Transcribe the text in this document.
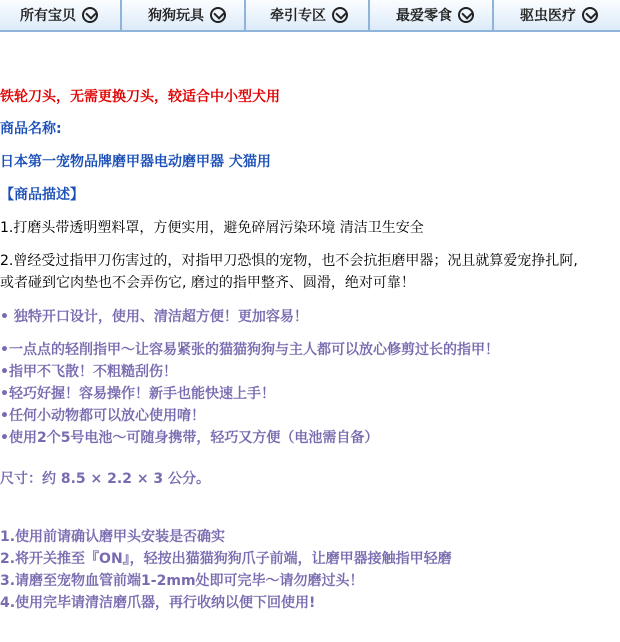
所有宝贝	狗狗玩具	牵引专区	最爱零食	驱虫医疗
铁轮刀头，无需更换刀头，较适合中小型犬用
商品名称:
日本第一宠物品牌磨甲器电动磨甲器 犬猫用
【商品描述】
1.打磨头带透明塑料罩，方便实用，避免碎屑污染环境 清洁卫生安全
2.曾经受过指甲刀伤害过的，对指甲刀恐惧的宠物，也不会抗拒磨甲器；况且就算爱宠挣扎阿,
或者碰到它肉垫也不会弄伤它, 磨过的指甲整齐、圆滑，绝对可靠！
• 独特开口设计，使用、清洁超方便！更加容易！
•一点点的轻削指甲～让容易紧张的猫猫狗狗与主人都可以放心修剪过长的指甲！
•指甲不飞散！不粗糙刮伤！
•轻巧好握！容易操作！新手也能快速上手！
•任何小动物都可以放心使用唷！
•使用2个5号电池～可随身携带，轻巧又方便（电池需自备）
尺寸：约 8.5 × 2.2 × 3 公分。
1.使用前请确认磨甲头安装是否确实
2.将开关推至『ON』，轻按出猫猫狗狗爪子前端，让磨甲器接触指甲轻磨
3.请磨至宠物血管前端1-2mm处即可完毕～请勿磨过头！
4.使用完毕请清洁磨爪器，再行收纳以便下回使用!
